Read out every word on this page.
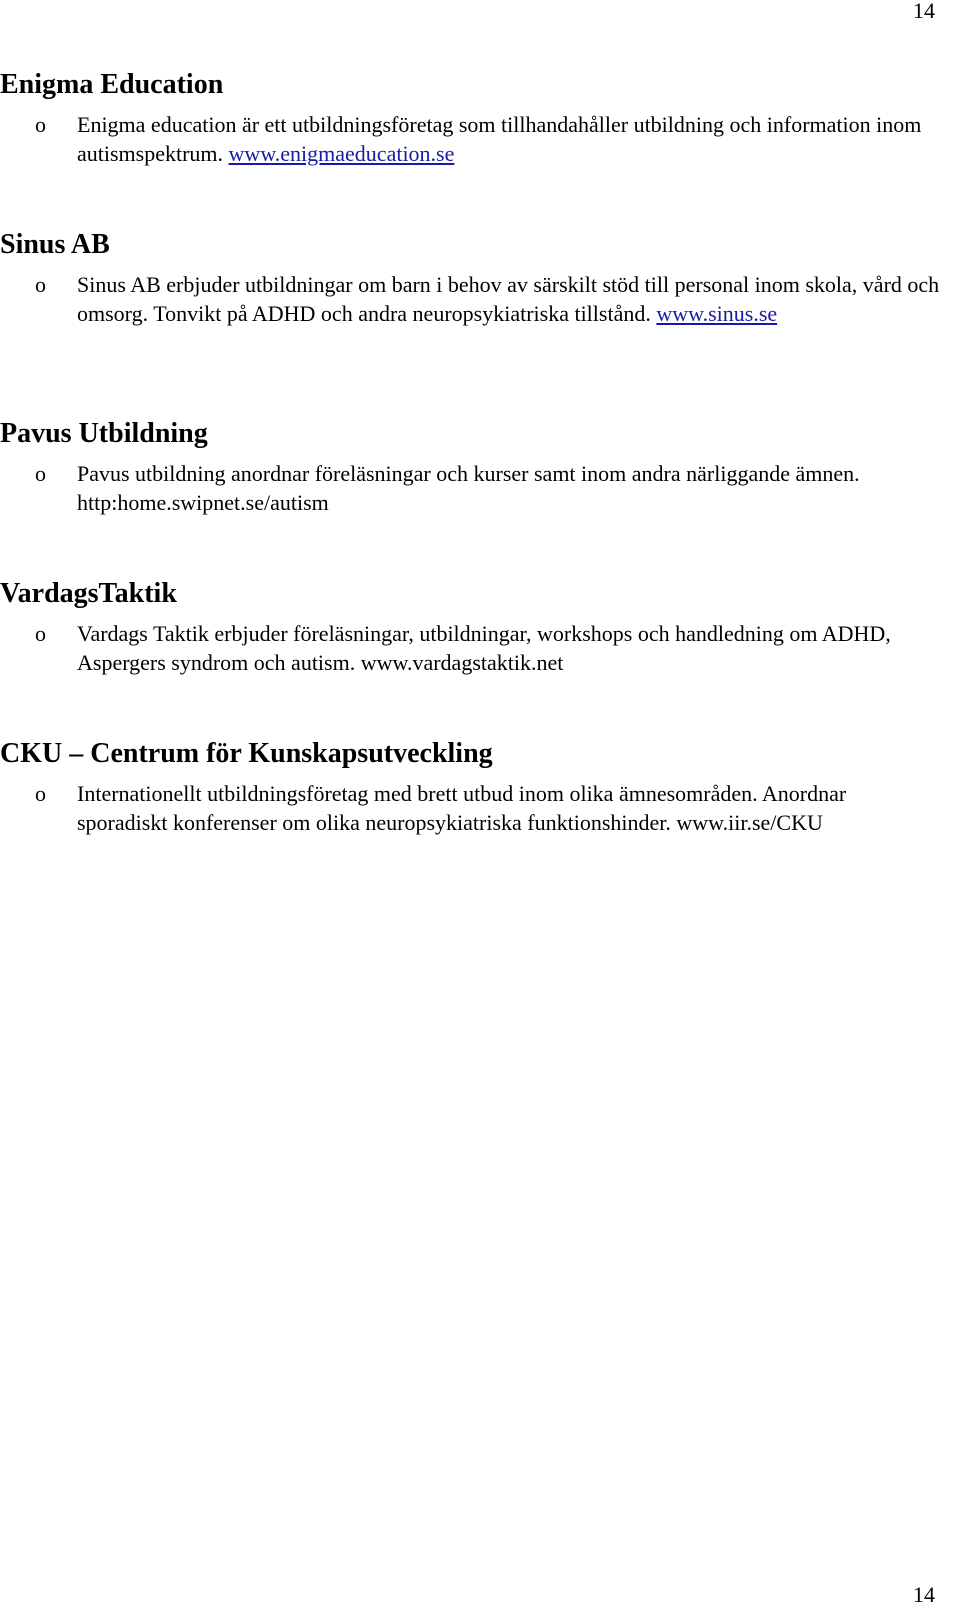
14
Enigma Education
o Enigma education är ett utbildningsföretag som tillhandahåller utbildning och information inom autismspektrum. www.enigmaeducation.se
Sinus AB
o Sinus AB erbjuder utbildningar om barn i behov av särskilt stöd till personal inom skola, vård och omsorg. Tonvikt på ADHD och andra neuropsykiatriska tillstånd. www.sinus.se
Pavus Utbildning
o Pavus utbildning anordnar föreläsningar och kurser samt inom andra närliggande ämnen. http:home.swipnet.se/autism
VardagsTaktik
o Vardags Taktik erbjuder föreläsningar, utbildningar, workshops och handledning om ADHD, Aspergers syndrom och autism. www.vardagstaktik.net
CKU – Centrum för Kunskapsutveckling
o Internationellt utbildningsföretag med brett utbud inom olika ämnesområden. Anordnar sporadiskt konferenser om olika neuropsykiatriska funktionshinder. www.iir.se/CKU
14
